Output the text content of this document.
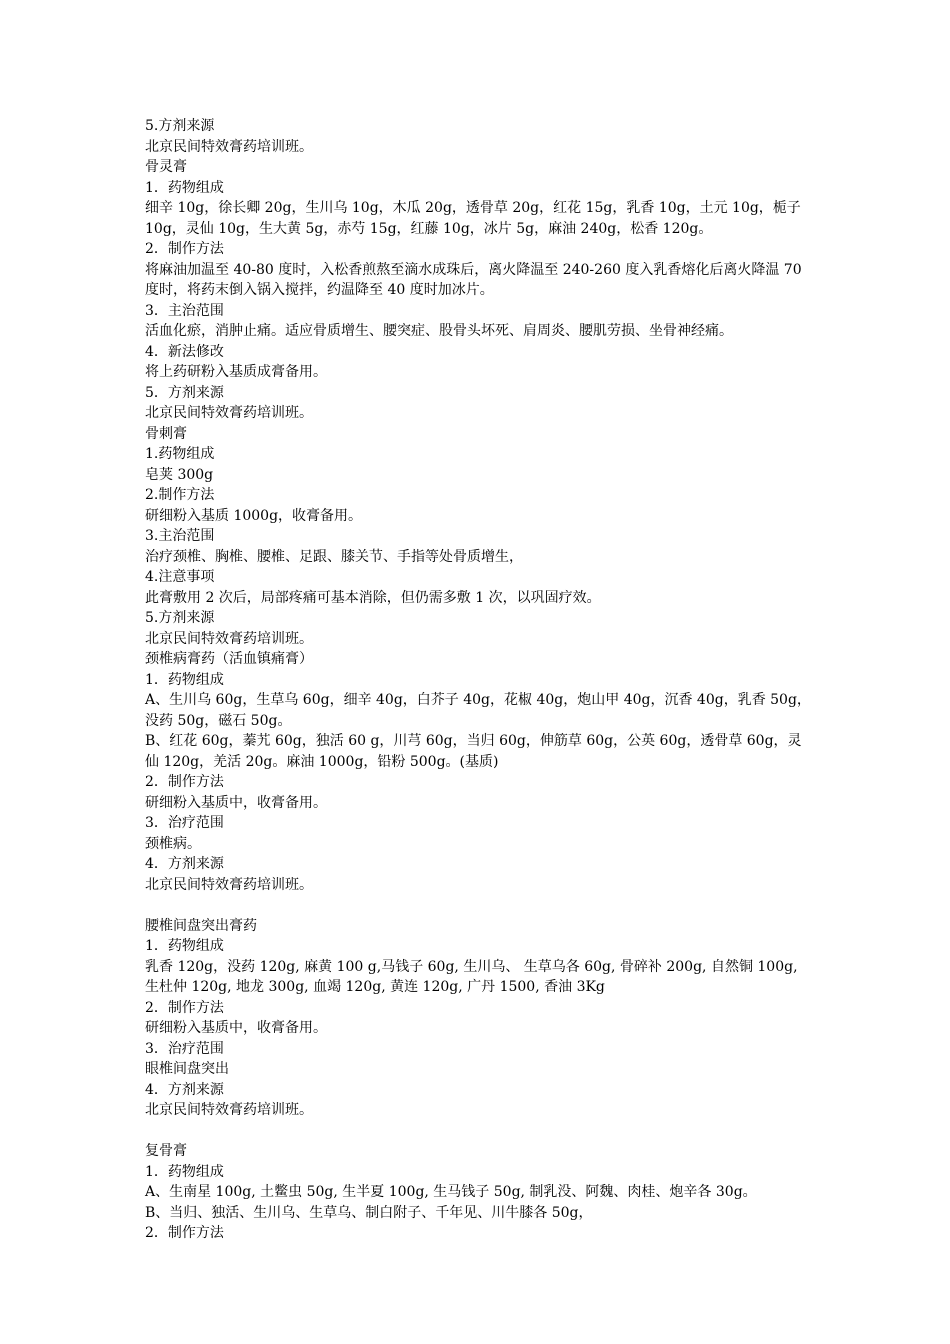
5.方剂来源

北京民间特效膏药培训班。

骨灵膏

1．药物组成

细辛 10g，徐长卿 20g，生川乌 10g，木瓜 20g，透骨草 20g，红花 15g，乳香 10g，土元 10g，栀子 10g，灵仙 10g，生大黄 5g，赤芍 15g，红藤 10g，冰片 5g，麻油 240g，松香 120g。

2．制作方法

将麻油加温至 40-80 度时，入松香煎熬至滴水成珠后，离火降温至 240-260 度入乳香熔化后离火降温 70 度时，将药末倒入锅入搅拌，约温降至 40 度时加冰片。

3．主治范围

活血化瘀，消肿止痛。适应骨质增生、腰突症、股骨头坏死、肩周炎、腰肌劳损、坐骨神经痛。

4．新法修改

将上药研粉入基质成膏备用。

5．方剂来源

北京民间特效膏药培训班。

骨刺膏

1.药物组成

皂荚 300g

2.制作方法

研细粉入基质 1000g，收膏备用。

3.主治范围

治疗颈椎、胸椎、腰椎、足跟、膝关节、手指等处骨质增生，

4.注意事项

此膏敷用 2 次后，局部疼痛可基本消除，但仍需多敷 1 次，以巩固疗效。

5.方剂来源

北京民间特效膏药培训班。

颈椎病膏药（活血镇痛膏）

1．药物组成

A、生川乌 60g，生草乌 60g，细辛 40g，白芥子 40g，花椒 40g，炮山甲 40g，沉香 40g，乳香 50g，没药 50g，磁石 50g。

B、红花 60g，蓁艽 60g，独活 60 g，川芎 60g，当归 60g，伸筋草 60g，公英 60g，透骨草 60g，灵仙 120g，羌活 20g。麻油 1000g，铅粉 500g。(基质)

2．制作方法

研细粉入基质中，收膏备用。

3．治疗范围

颈椎病。

4．方剂来源

北京民间特效膏药培训班。

腰椎间盘突出膏药

1．药物组成

乳香 120g，没药 120g, 麻黄 100 g,马钱子 60g, 生川乌、 生草乌各 60g, 骨碎补 200g, 自然铜 100g, 生杜仲 120g, 地龙 300g, 血竭 120g, 黄连 120g, 广丹 1500, 香油 3Kg

2．制作方法

研细粉入基质中，收膏备用。

3．治疗范围

眼椎间盘突出

4．方剂来源

北京民间特效膏药培训班。

复骨膏

1．药物组成

A、生南星 100g, 土鳖虫 50g, 生半夏 100g, 生马钱子 50g, 制乳没、阿魏、肉桂、炮辛各 30g。

B、当归、独活、生川乌、生草乌、制白附子、千年见、川牛膝各 50g，

2．制作方法
